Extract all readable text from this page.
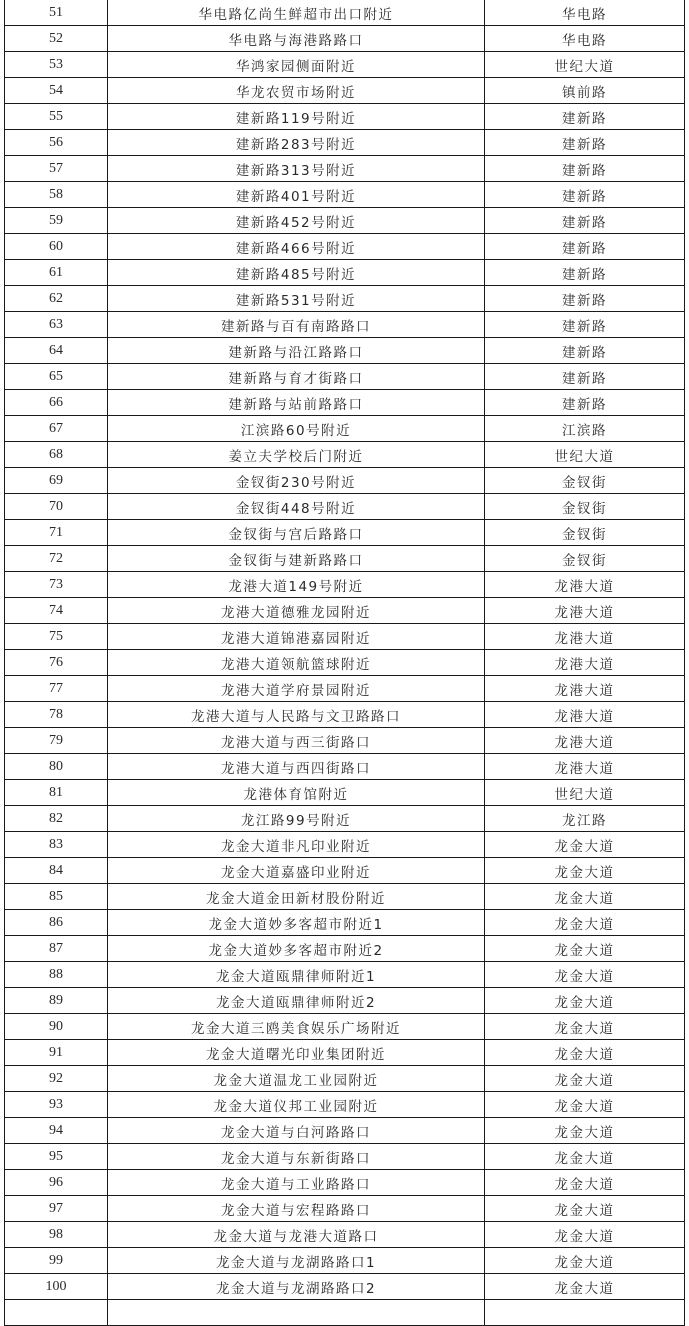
51	华电路亿尚生鲜超市出口附近	华电路
52	华电路与海港路路口	华电路
53	华鸿家园侧面附近	世纪大道
54	华龙农贸市场附近	镇前路
55	建新路119号附近	建新路
56	建新路283号附近	建新路
57	建新路313号附近	建新路
58	建新路401号附近	建新路
59	建新路452号附近	建新路
60	建新路466号附近	建新路
61	建新路485号附近	建新路
62	建新路531号附近	建新路
63	建新路与百有南路路口	建新路
64	建新路与沿江路路口	建新路
65	建新路与育才街路口	建新路
66	建新路与站前路路口	建新路
67	江滨路60号附近	江滨路
68	姜立夫学校后门附近	世纪大道
69	金钗街230号附近	金钗街
70	金钗街448号附近	金钗街
71	金钗街与宫后路路口	金钗街
72	金钗街与建新路路口	金钗街
73	龙港大道149号附近	龙港大道
74	龙港大道德雅龙园附近	龙港大道
75	龙港大道锦港嘉园附近	龙港大道
76	龙港大道领航篮球附近	龙港大道
77	龙港大道学府景园附近	龙港大道
78	龙港大道与人民路与文卫路路口	龙港大道
79	龙港大道与西三街路口	龙港大道
80	龙港大道与西四街路口	龙港大道
81	龙港体育馆附近	世纪大道
82	龙江路99号附近	龙江路
83	龙金大道非凡印业附近	龙金大道
84	龙金大道嘉盛印业附近	龙金大道
85	龙金大道金田新材股份附近	龙金大道
86	龙金大道妙多客超市附近1	龙金大道
87	龙金大道妙多客超市附近2	龙金大道
88	龙金大道瓯鼎律师附近1	龙金大道
89	龙金大道瓯鼎律师附近2	龙金大道
90	龙金大道三鸥美食娱乐广场附近	龙金大道
91	龙金大道曙光印业集团附近	龙金大道
92	龙金大道温龙工业园附近	龙金大道
93	龙金大道仪邦工业园附近	龙金大道
94	龙金大道与白河路路口	龙金大道
95	龙金大道与东新街路口	龙金大道
96	龙金大道与工业路路口	龙金大道
97	龙金大道与宏程路路口	龙金大道
98	龙金大道与龙港大道路口	龙金大道
99	龙金大道与龙湖路路口1	龙金大道
100	龙金大道与龙湖路路口2	龙金大道
